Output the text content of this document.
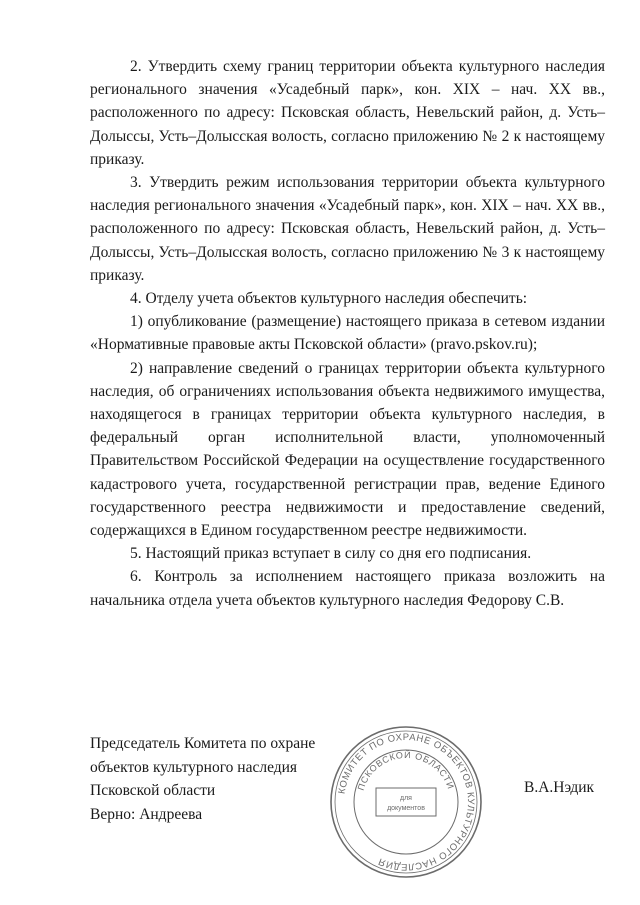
2. Утвердить схему границ территории объекта культурного наследия регионального значения «Усадебный парк», кон. XIX – нач. XX вв., расположенного по адресу: Псковская область, Невельский район, д. Усть–Долыссы, Усть–Долысская волость, согласно приложению № 2 к настоящему приказу.

3. Утвердить режим использования территории объекта культурного наследия регионального значения «Усадебный парк», кон. XIX – нач. XX вв., расположенного по адресу: Псковская область, Невельский район, д. Усть–Долыссы, Усть–Долысская волость, согласно приложению № 3 к настоящему приказу.

4. Отделу учета объектов культурного наследия обеспечить:

1) опубликование (размещение) настоящего приказа в сетевом издании «Нормативные правовые акты Псковской области» (pravo.pskov.ru);

2) направление сведений о границах территории объекта культурного наследия, об ограничениях использования объекта недвижимого имущества, находящегося в границах территории объекта культурного наследия, в федеральный орган исполнительной власти, уполномоченный Правительством Российской Федерации на осуществление государственного кадастрового учета, государственной регистрации прав, ведение Единого государственного реестра недвижимости и предоставление сведений, содержащихся в Едином государственном реестре недвижимости.

5. Настоящий приказ вступает в силу со дня его подписания.

6. Контроль за исполнением настоящего приказа возложить на начальника отдела учета объектов культурного наследия Федорову С.В.

Председатель Комитета по охране

объектов культурного наследия

Псковской области

Верно: Андреева

В.А.Нэдик
КОМИТЕТ ПО ОХРАНЕ ОБЪЕКТОВ КУЛЬТУРНОГО НАСЛЕДИЯ
ПСКОВСКОЙ ОБЛАСТИ
для
документов
